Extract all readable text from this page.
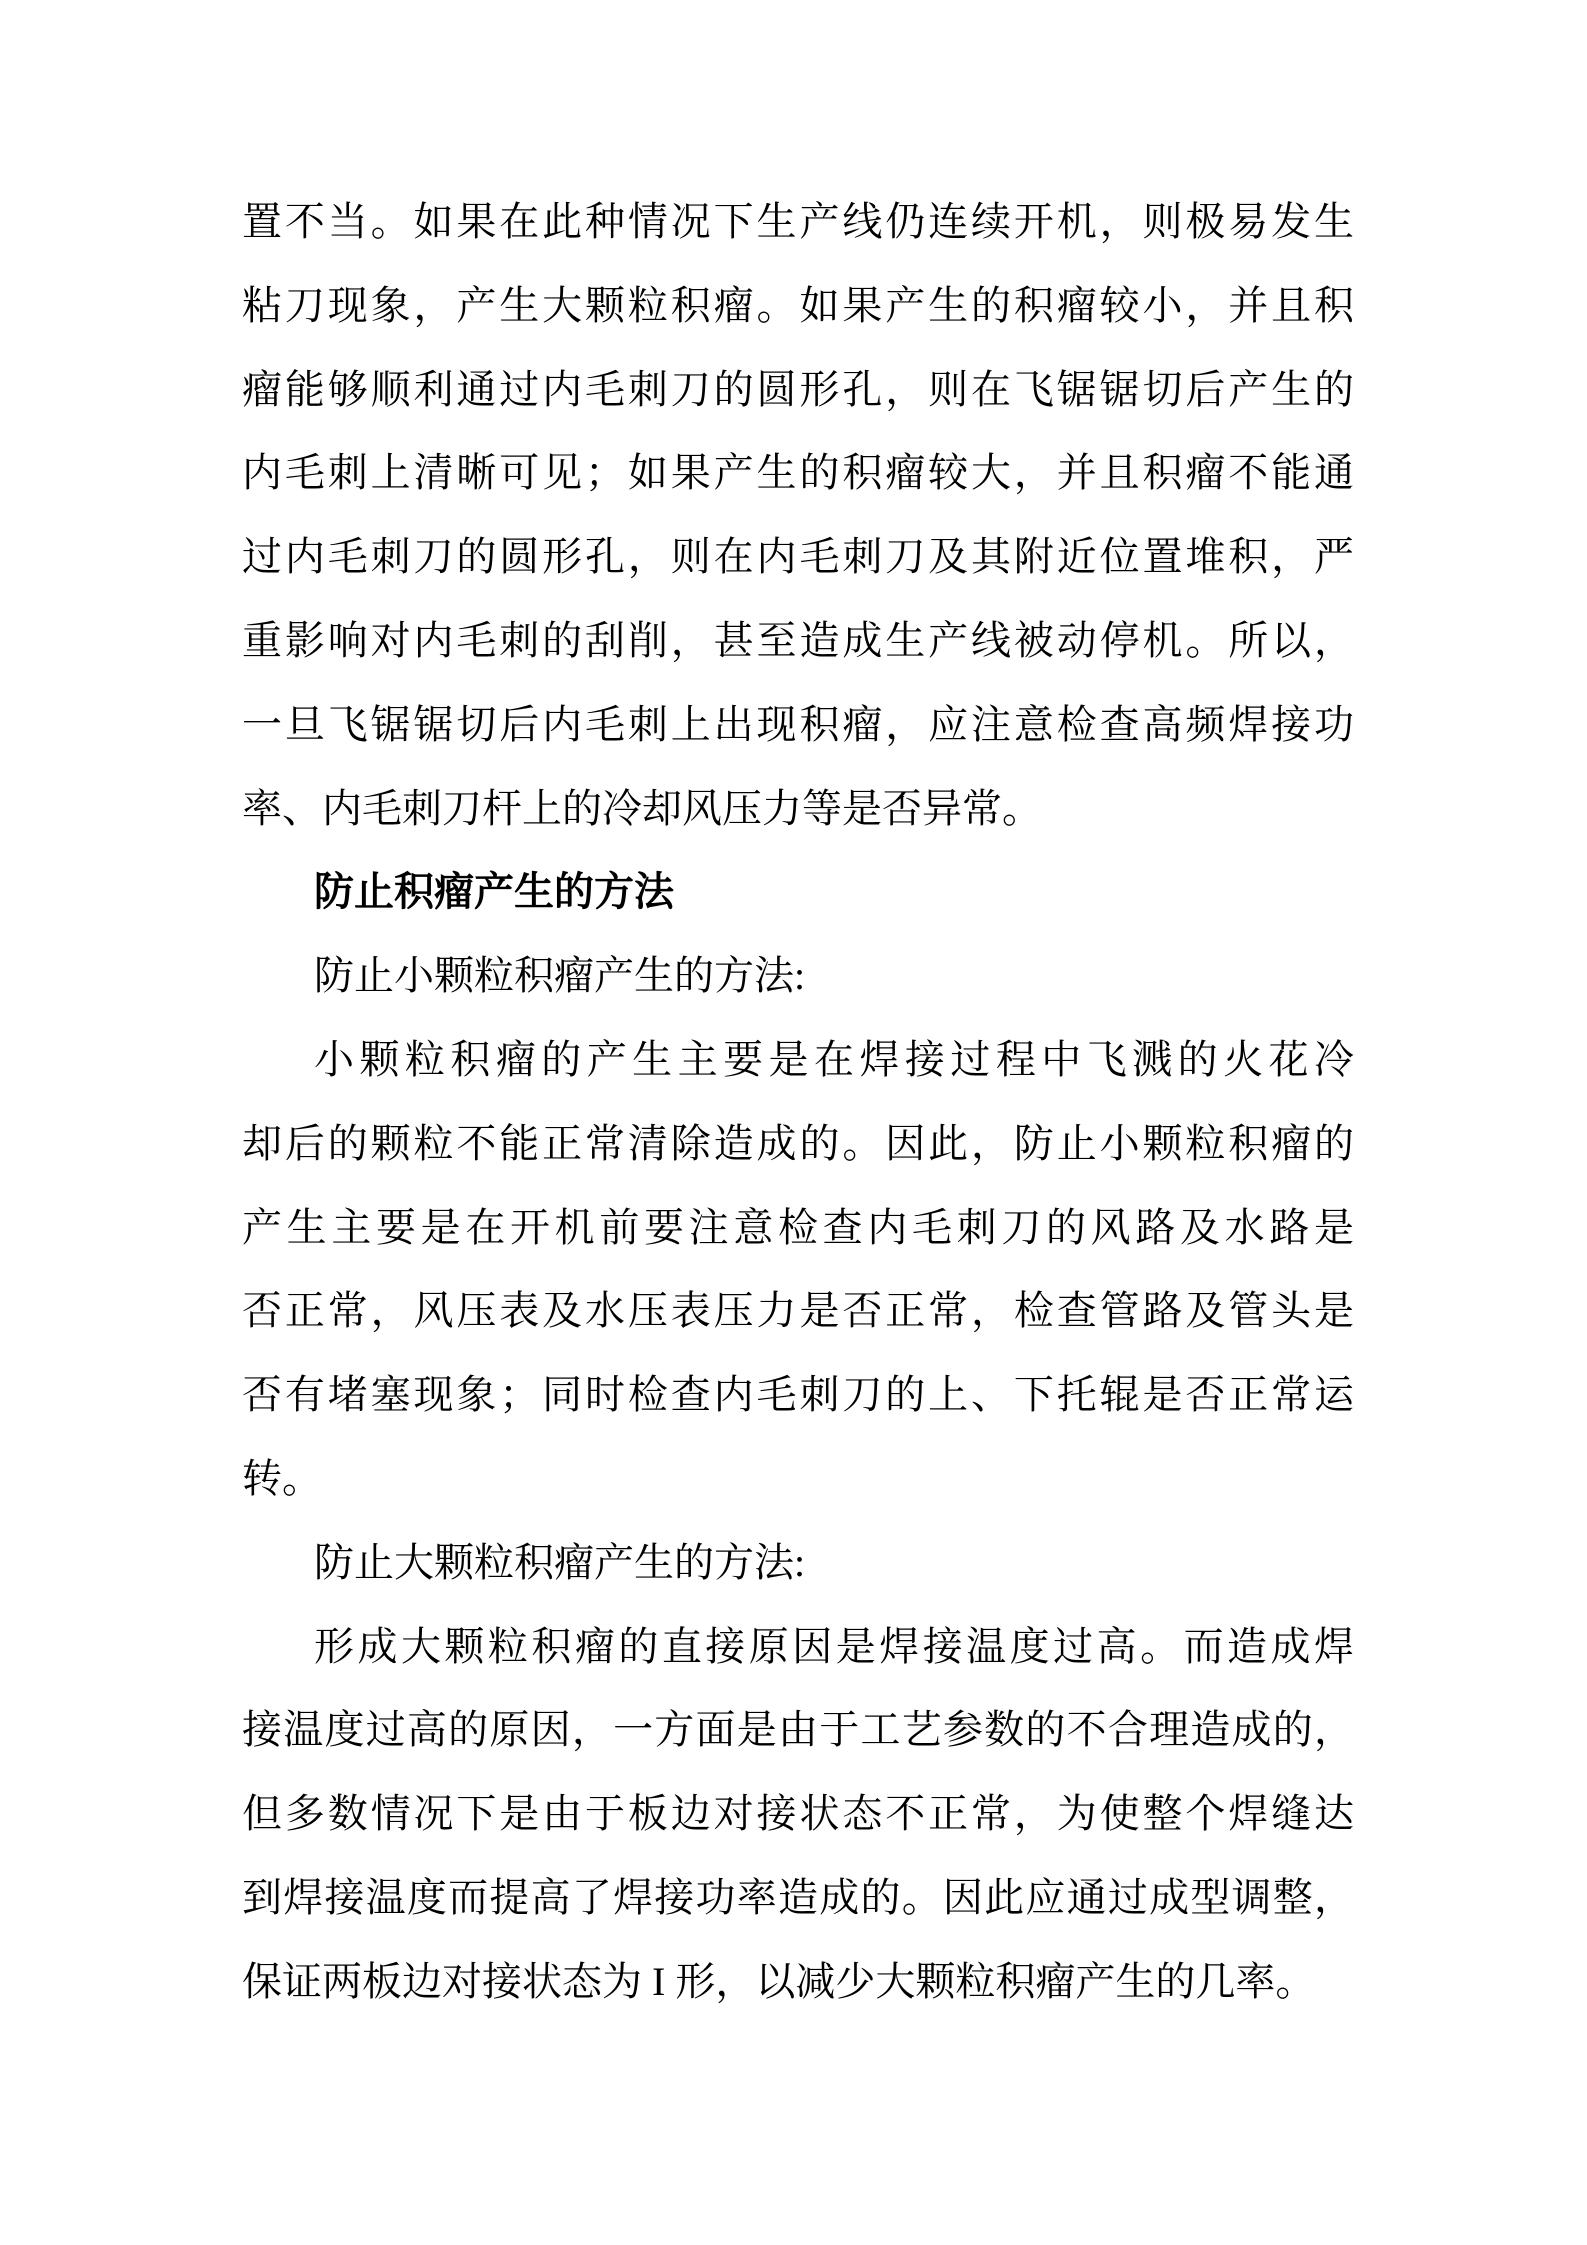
置不当。如果在此种情况下生产线仍连续开机，则极易发生
粘刀现象，产生大颗粒积瘤。如果产生的积瘤较小，并且积
瘤能够顺利通过内毛刺刀的圆形孔，则在飞锯锯切后产生的
内毛刺上清晰可见；如果产生的积瘤较大，并且积瘤不能通
过内毛刺刀的圆形孔，则在内毛刺刀及其附近位置堆积，严
重影响对内毛刺的刮削，甚至造成生产线被动停机。所以，
一旦飞锯锯切后内毛刺上出现积瘤，应注意检查高频焊接功
率、内毛刺刀杆上的冷却风压力等是否异常。
防止积瘤产生的方法
防止小颗粒积瘤产生的方法:
小颗粒积瘤的产生主要是在焊接过程中飞溅的火花冷
却后的颗粒不能正常清除造成的。因此，防止小颗粒积瘤的
产生主要是在开机前要注意检查内毛刺刀的风路及水路是
否正常，风压表及水压表压力是否正常，检查管路及管头是
否有堵塞现象；同时检查内毛刺刀的上、下托辊是否正常运
转。
防止大颗粒积瘤产生的方法:
形成大颗粒积瘤的直接原因是焊接温度过高。而造成焊
接温度过高的原因，一方面是由于工艺参数的不合理造成的，
但多数情况下是由于板边对接状态不正常，为使整个焊缝达
到焊接温度而提高了焊接功率造成的。因此应通过成型调整，
保证两板边对接状态为 I 形，以减少大颗粒积瘤产生的几率。
